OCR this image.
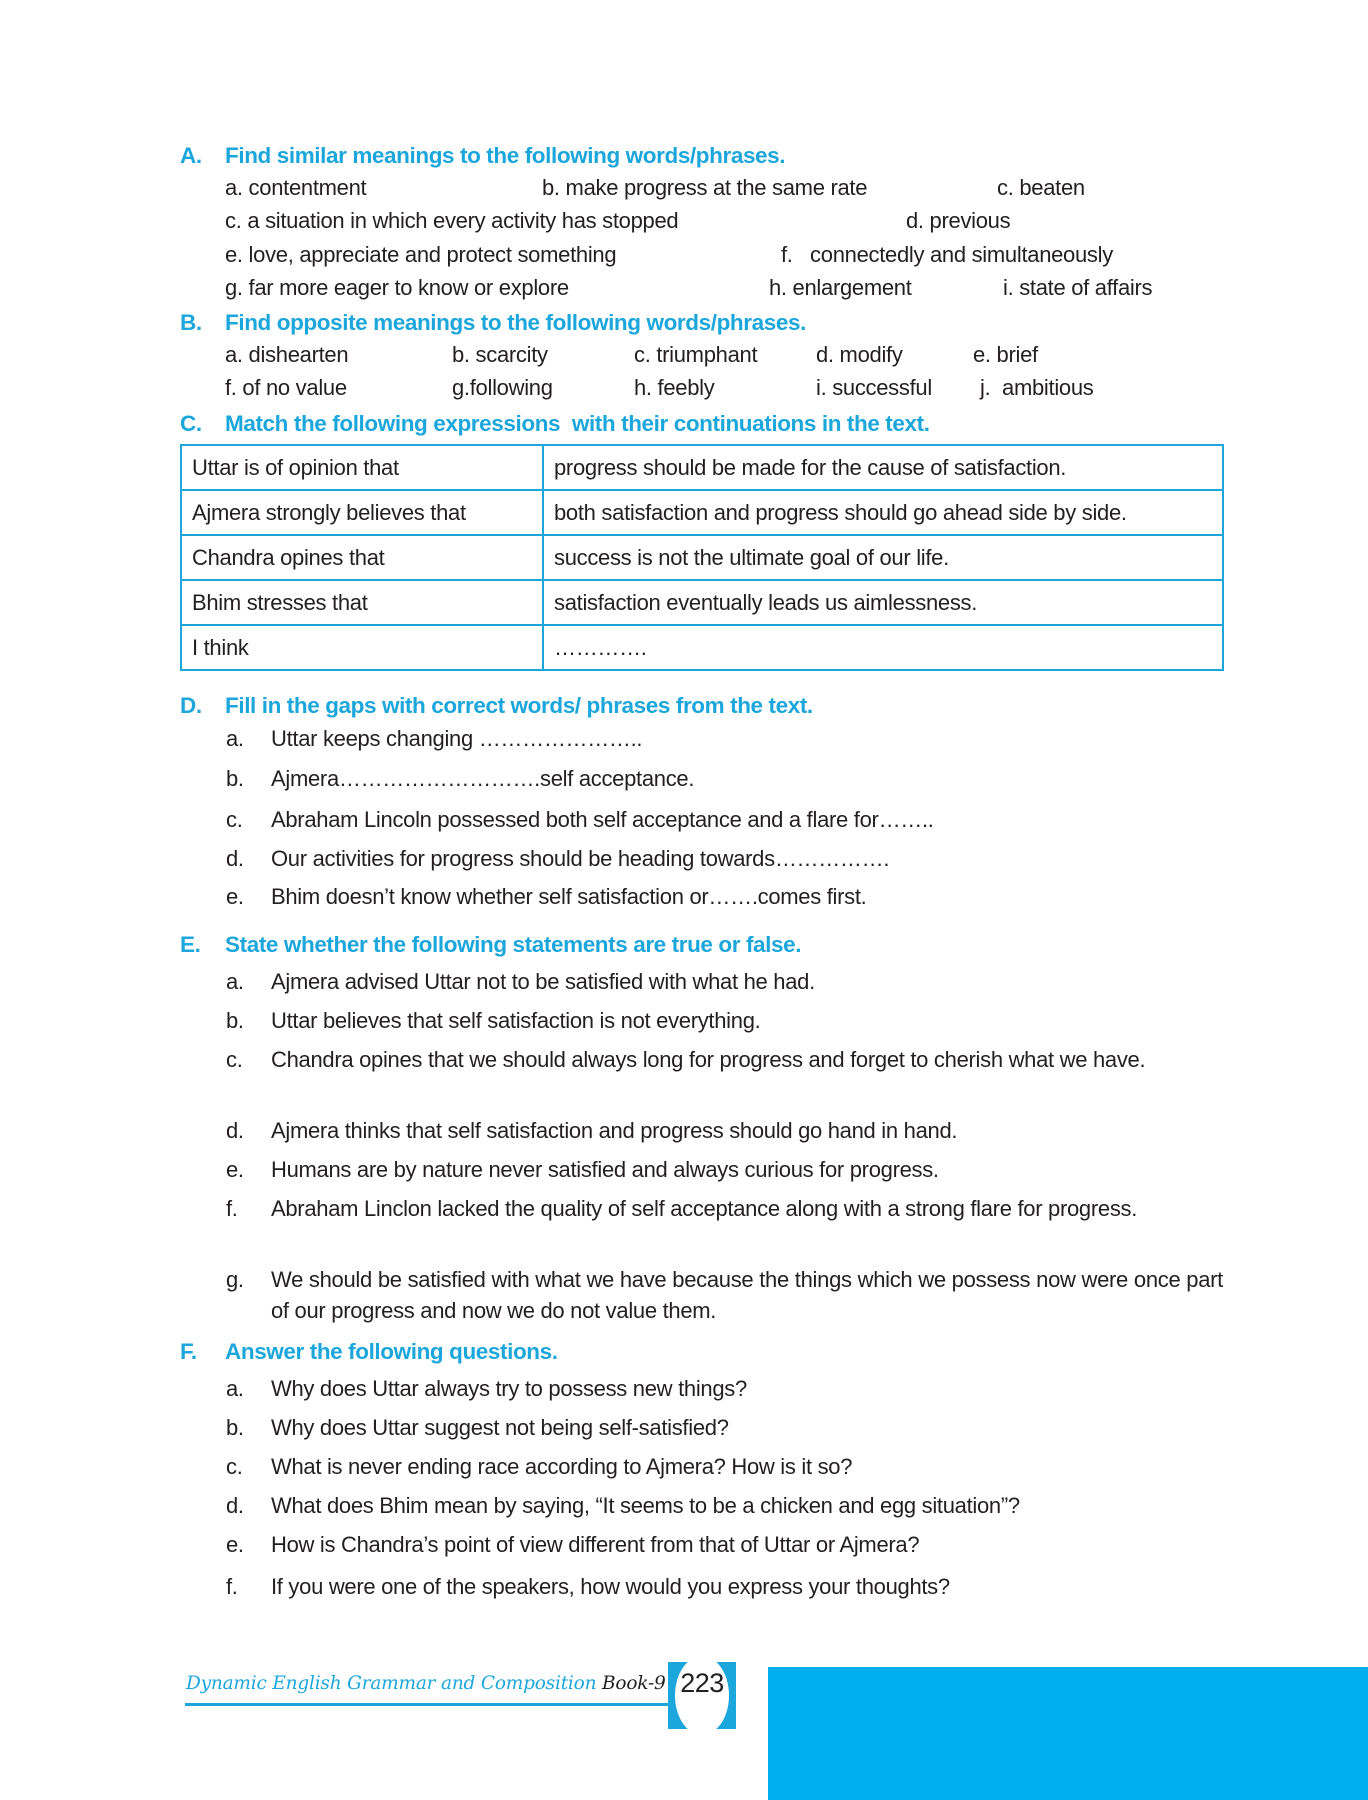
A. Find similar meanings to the following words/phrases.
a. contentment	b. make progress at the same rate	c. beaten
c. a situation in which every activity has stopped	d. previous
e. love, appreciate and protect something	f.   connectedly and simultaneously
g. far more eager to know or explore	h. enlargement	i. state of affairs
B. Find opposite meanings to the following words/phrases.
a. dishearten	b. scarcity	c. triumphant	d. modify	e. brief
f. of no value	g.following	h. feebly	i. successful j.  ambitious
C. Match the following expressions  with their continuations in the text.
Uttar is of opinion that	progress should be made for the cause of satisfaction.
Ajmera strongly believes that	both satisfaction and progress should go ahead side by side.
Chandra opines that	success is not the ultimate goal of our life.
Bhim stresses that	satisfaction eventually leads us aimlessness.
I think	………….
D. Fill in the gaps with correct words/ phrases from the text.
a. Uttar keeps changing …………………..
b. Ajmera……………………….self acceptance.
c. Abraham Lincoln possessed both self acceptance and a flare for……..
d. Our activities for progress should be heading towards…………….
e. Bhim doesn’t know whether self satisfaction or…….comes first.
E. State whether the following statements are true or false.
a. Ajmera advised Uttar not to be satisfied with what he had.
b. Uttar believes that self satisfaction is not everything.
c. Chandra opines that we should always long for progress and forget to cherish what we have.
d. Ajmera thinks that self satisfaction and progress should go hand in hand.
e. Humans are by nature never satisfied and always curious for progress.
f. Abraham Linclon lacked the quality of self acceptance along with a strong flare for progress.
g. We should be satisfied with what we have because the things which we possess now were once part of our progress and now we do not value them.
F. Answer the following questions.
a. Why does Uttar always try to possess new things?
b. Why does Uttar suggest not being self-satisfied?
c. What is never ending race according to Ajmera? How is it so?
d. What does Bhim mean by saying, “It seems to be a chicken and egg situation”?
e. How is Chandra’s point of view different from that of Uttar or Ajmera?
f. If you were one of the speakers, how would you express your thoughts?
Dynamic English Grammar and Composition Book-9 223
